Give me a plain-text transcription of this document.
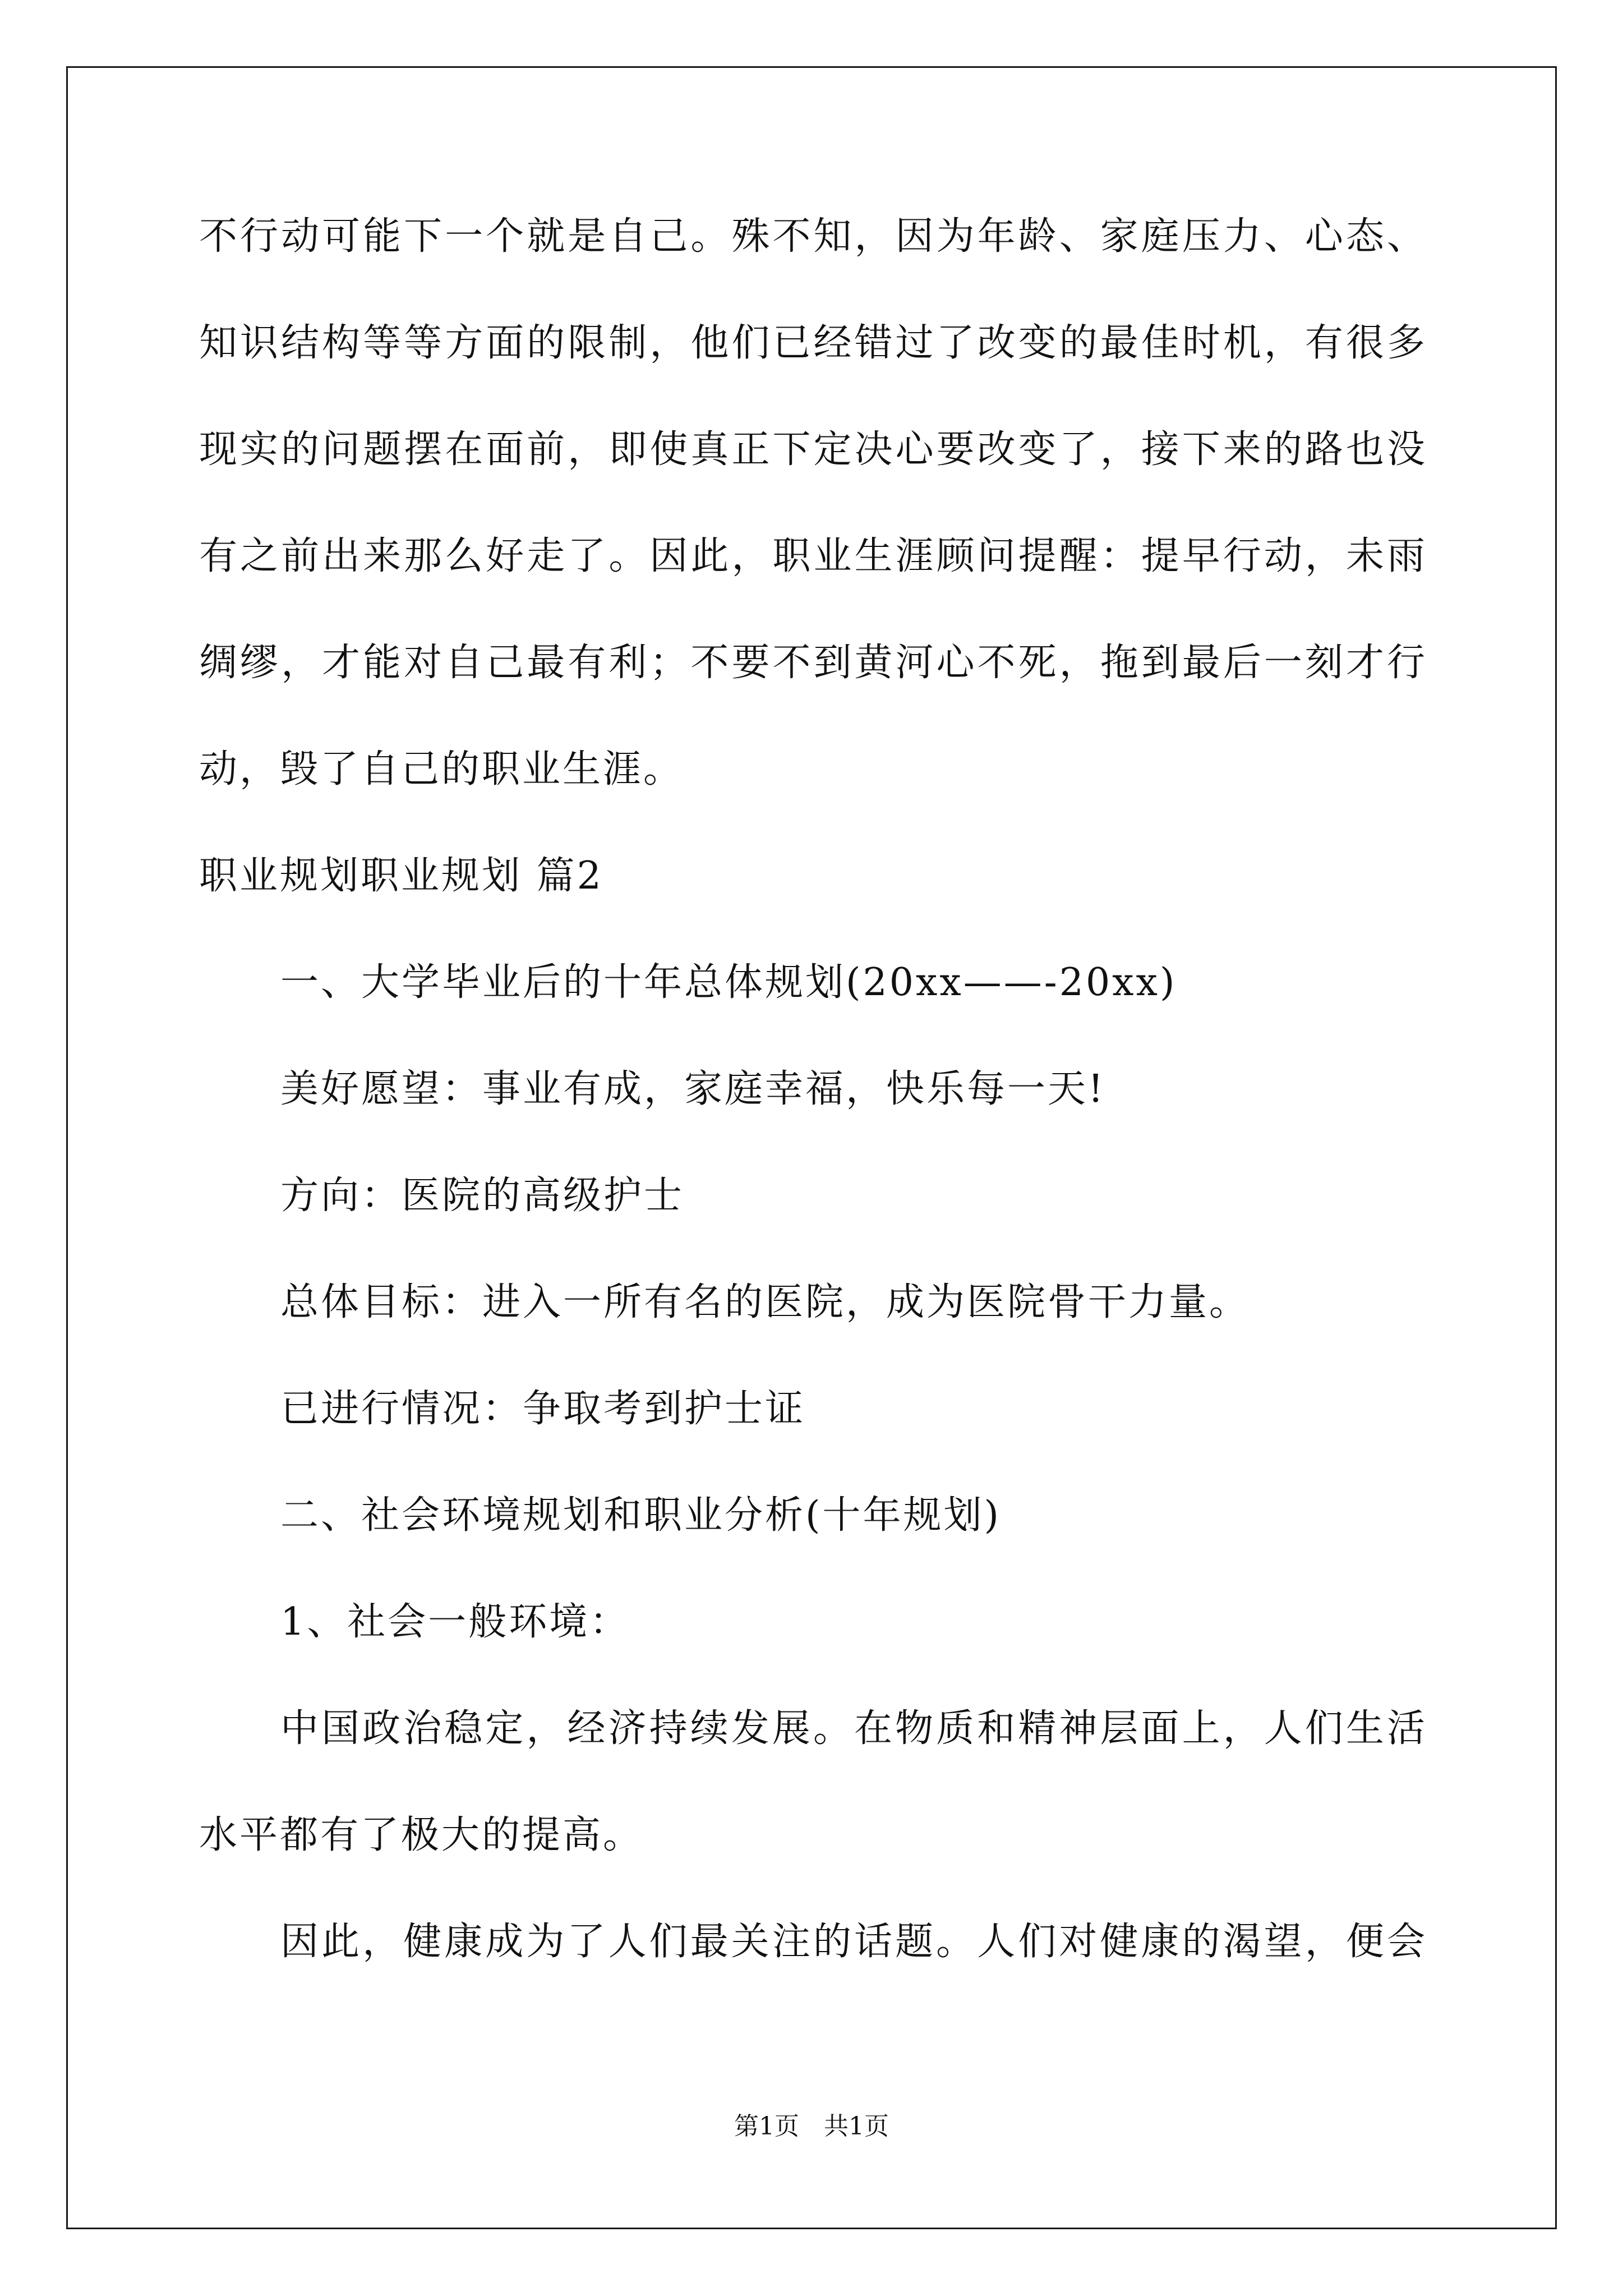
不行动可能下一个就是自己。殊不知，因为年龄、家庭压力、心态、
知识结构等等方面的限制，他们已经错过了改变的最佳时机，有很多
现实的问题摆在面前，即使真正下定决心要改变了，接下来的路也没
有之前出来那么好走了。因此，职业生涯顾问提醒：提早行动，未雨
绸缪，才能对自己最有利；不要不到黄河心不死，拖到最后一刻才行
动，毁了自己的职业生涯。
职业规划职业规划 篇2
一、大学毕业后的十年总体规划(20xx——-20xx)
美好愿望：事业有成，家庭幸福，快乐每一天!
方向：医院的高级护士
总体目标：进入一所有名的医院，成为医院骨干力量。
已进行情况：争取考到护士证
二、社会环境规划和职业分析(十年规划)
1、社会一般环境：
中国政治稳定，经济持续发展。在物质和精神层面上，人们生活
水平都有了极大的提高。
因此，健康成为了人们最关注的话题。人们对健康的渴望，便会
第1页　共1页
